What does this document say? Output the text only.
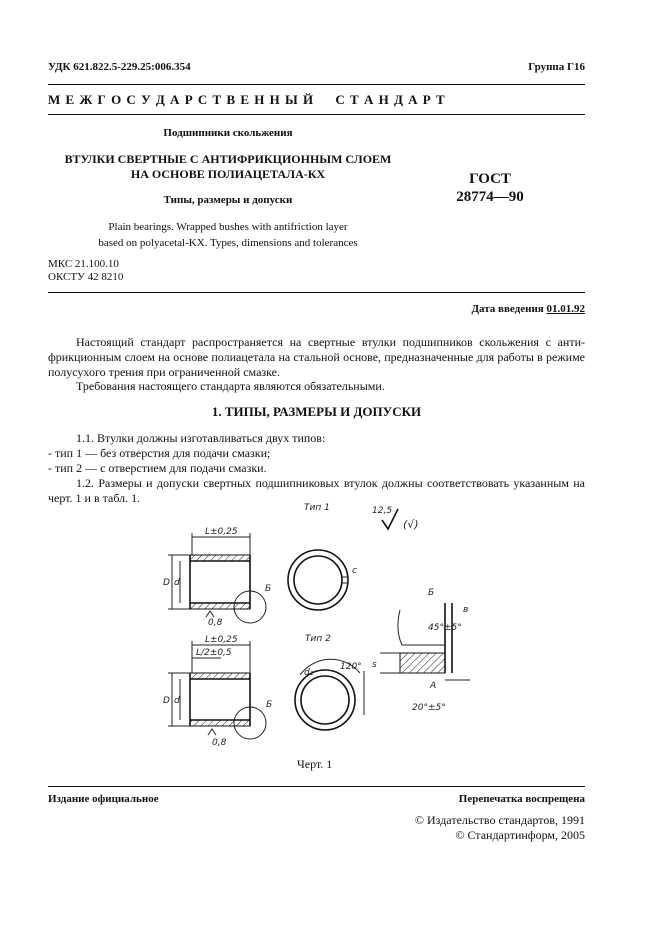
УДК 621.822.5-229.25:006.354	Группа Г16
М Е Ж Г О С У Д А Р С Т В Е Н Н Ы Й     С Т А Н Д А Р Т
Подшипники скольжения
ВТУЛКИ СВЕРТНЫЕ С АНТИФРИКЦИОННЫМ СЛОЕМ
НА ОСНОВЕ ПОЛИАЦЕТАЛА-КХ
Типы, размеры и допуски
Plain bearings. Wrapped bushes with antifriction layer
based on polyacetal-KX. Types, dimensions and tolerances
ГОСТ
28774—90
МКС 21.100.10
ОКСТУ 42 8210
Дата введения 01.01.92
Настоящий стандарт распространяется на свертные втулки подшипников скольжения с анти-фрикционным слоем на основе полиацетала на стальной основе, предназначенные для работы в режиме полусухого трения при ограниченной смазке.
Требования настоящего стандарта являются обязательными.
1. ТИПЫ, РАЗМЕРЫ И ДОПУСКИ
1.1. Втулки должны изготавливаться двух типов:
- тип 1 — без отверстия для подачи смазки;
- тип 2 — с отверстием для подачи смазки.
1.2. Размеры и допуски свертных подшипниковых втулок должны соответствовать указанным на черт. 1 и в табл. 1.
Тип 1
Тип 2
12,5
(√)
L±0,25
D d
Б
0,8
c
Б
s
в
45°±5°
A
20°±5°
L±0,25
L/2±0,5
D d	Б
0,8
120°
d₁
Черт. 1
Издание официальное	Перепечатка воспрещена
© Издательство стандартов, 1991
© Стандартинформ, 2005
